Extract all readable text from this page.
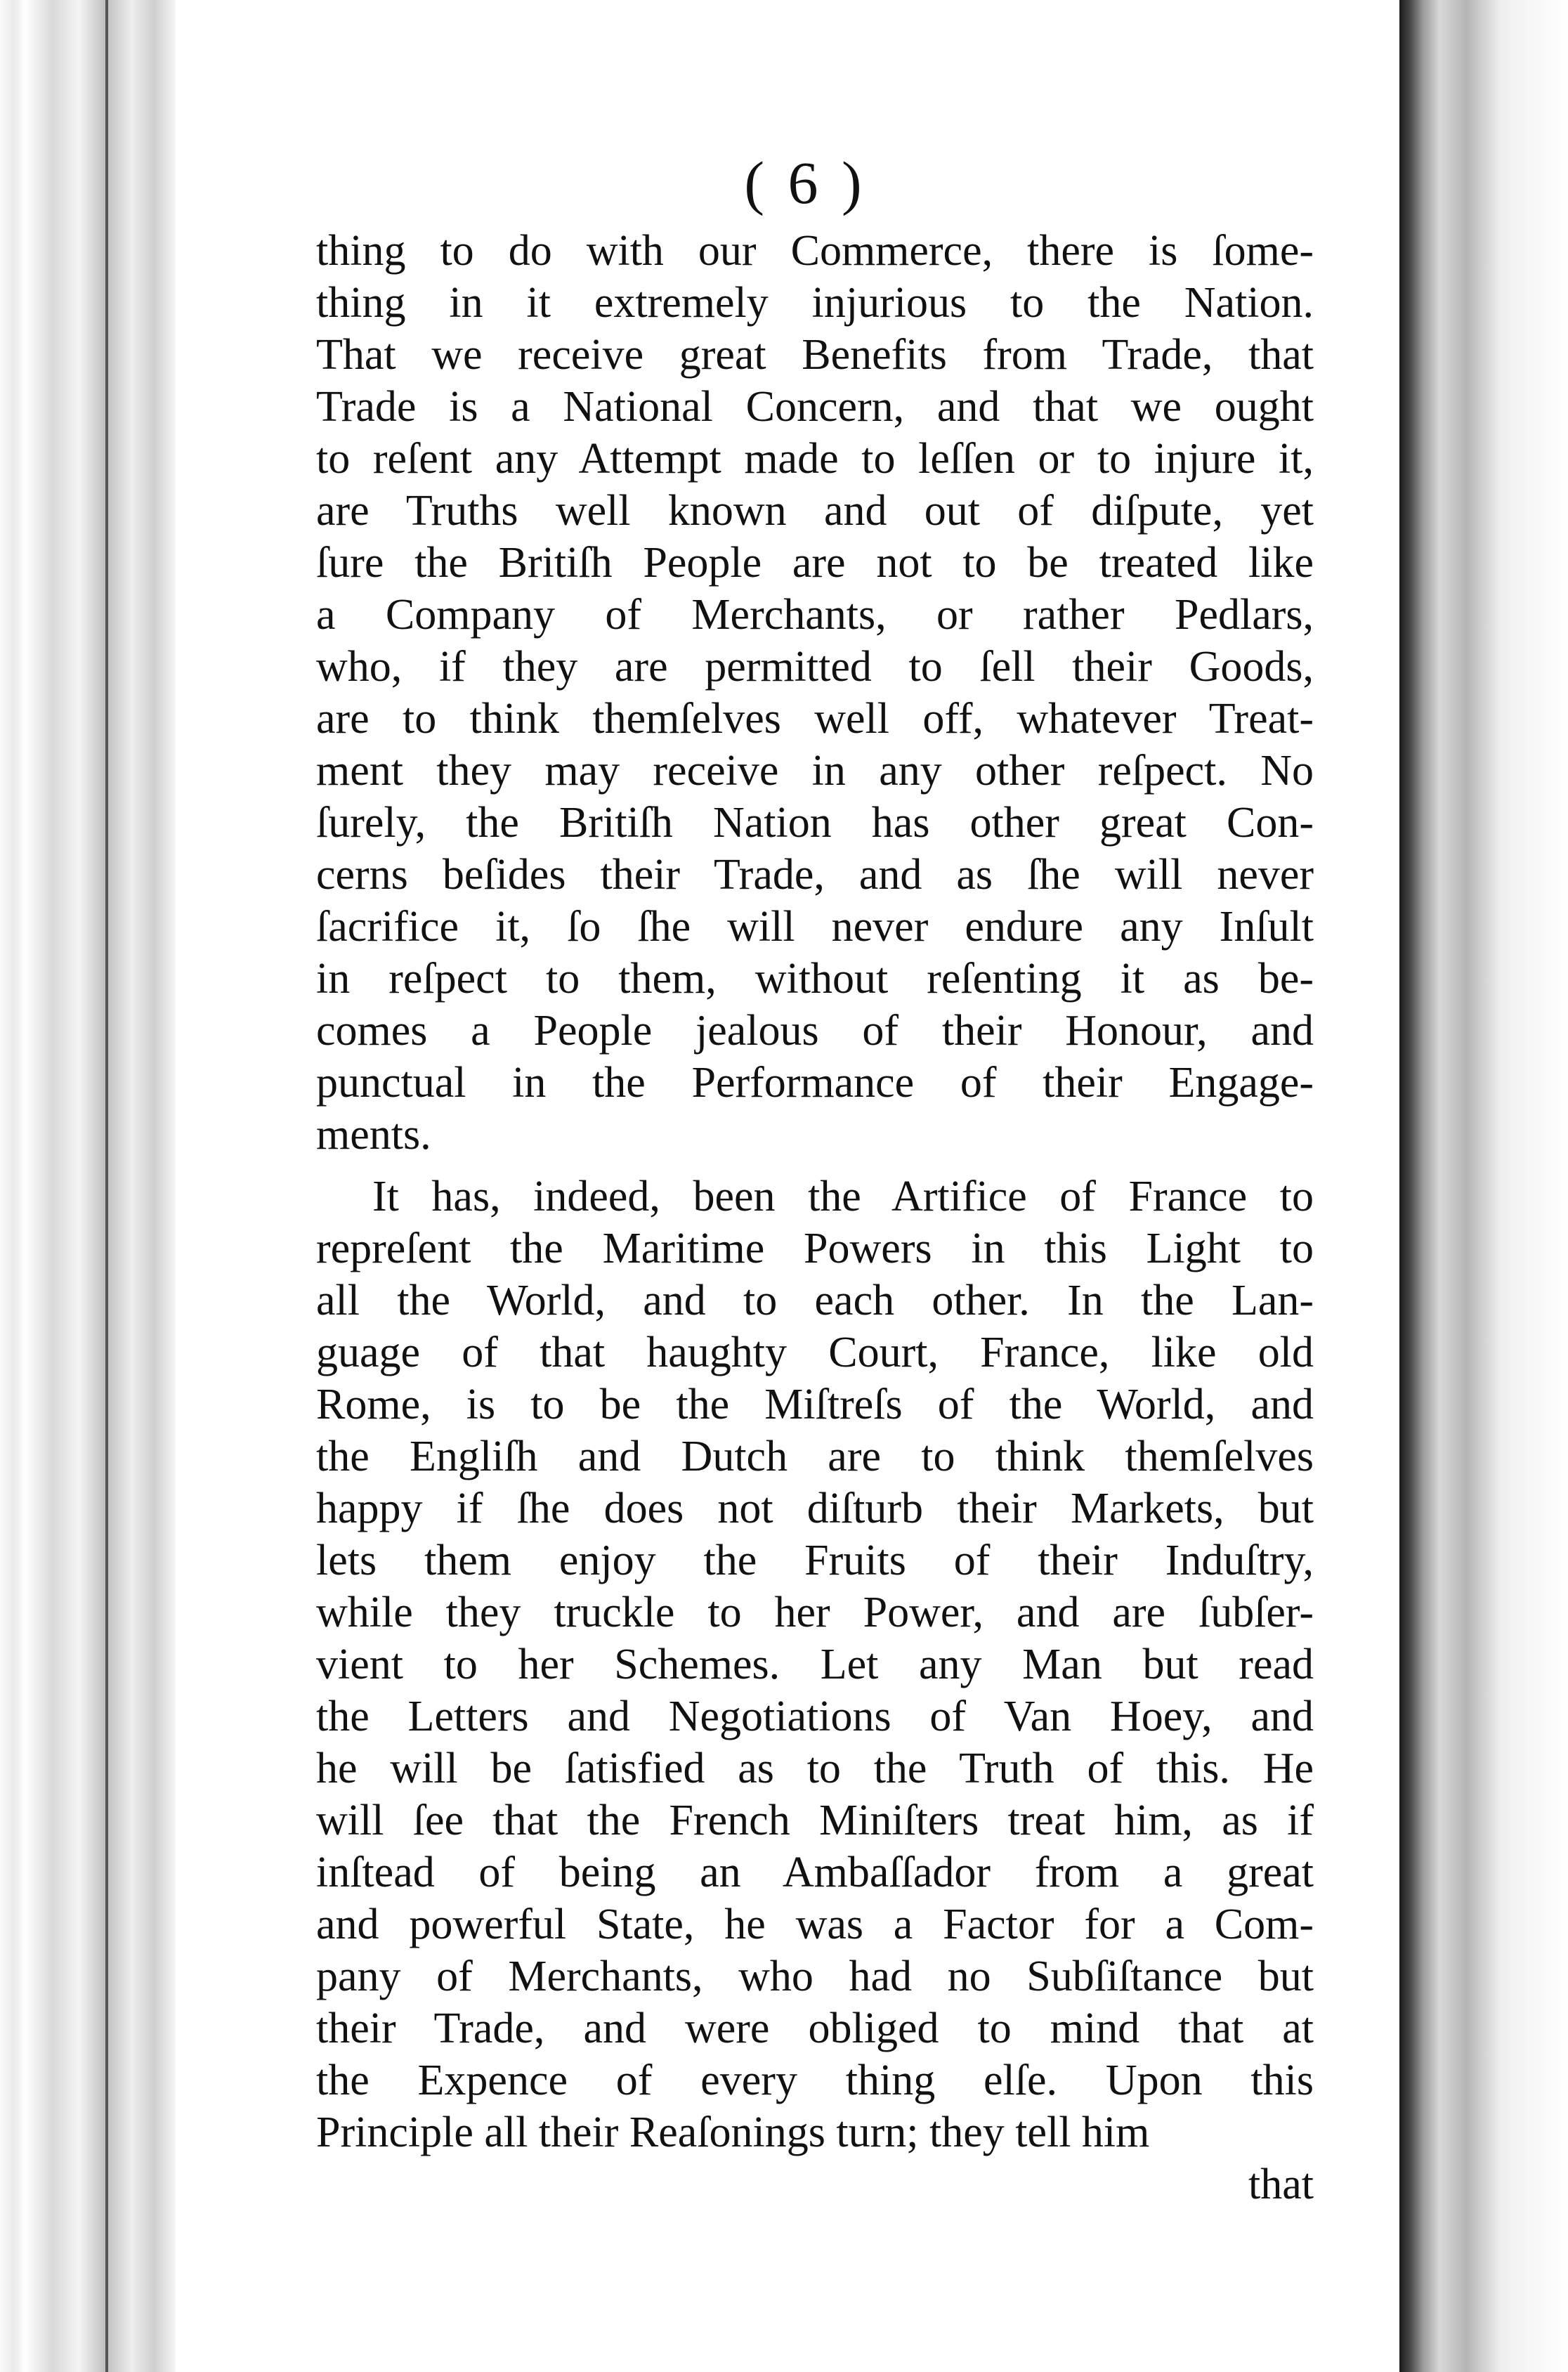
( 6 )
thing to do with our Commerce, there is ſome-
thing in it extremely injurious to the Nation.
That we receive great Benefits from Trade, that
Trade is a National Concern, and that we ought
to reſent any Attempt made to leſſen or to injure it,
are Truths well known and out of diſpute, yet
ſure the Britiſh People are not to be treated like
a Company of Merchants, or rather Pedlars,
who, if they are permitted to ſell their Goods,
are to think themſelves well off, whatever Treat-
ment they may receive in any other reſpect. No
ſurely, the Britiſh Nation has other great Con-
cerns beſides their Trade, and as ſhe will never
ſacrifice it, ſo ſhe will never endure any Inſult
in reſpect to them, without reſenting it as be-
comes a People jealous of their Honour, and
punctual in the Performance of their Engage-
ments.
It has, indeed, been the Artifice of France to
repreſent the Maritime Powers in this Light to
all the World, and to each other. In the Lan-
guage of that haughty Court, France, like old
Rome, is to be the Miſtreſs of the World, and
the Engliſh and Dutch are to think themſelves
happy if ſhe does not diſturb their Markets, but
lets them enjoy the Fruits of their Induſtry,
while they truckle to her Power, and are ſubſer-
vient to her Schemes. Let any Man but read
the Letters and Negotiations of Van Hoey, and
he will be ſatisfied as to the Truth of this. He
will ſee that the French Miniſters treat him, as if
inſtead of being an Ambaſſador from a great
and powerful State, he was a Factor for a Com-
pany of Merchants, who had no Subſiſtance but
their Trade, and were obliged to mind that at
the Expence of every thing elſe. Upon this
Principle all their Reaſonings turn; they tell him
that
